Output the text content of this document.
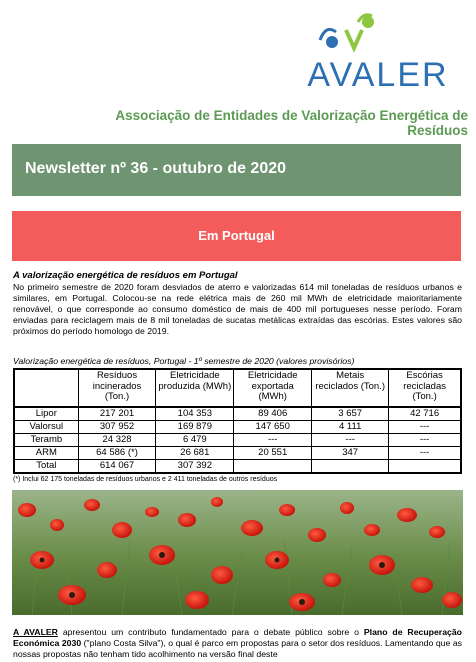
AVALER
Associação de Entidades de Valorização Energética de Resíduos
Newsletter nº 36 - outubro de 2020
Em Portugal
A valorização energética de resíduos em Portugal
No primeiro semestre de 2020 foram desviados de aterro e valorizadas 614 mil toneladas de resíduos urbanos e similares, em Portugal. Colocou-se na rede elétrica mais de 260 mil MWh de eletricidade maioritariamente renovável, o que corresponde ao consumo doméstico de mais de 400 mil portugueses nesse período. Foram enviadas para reciclagem mais de 8 mil toneladas de sucatas metálicas extraídas das escórias. Estes valores são próximos do período homologo de 2019.
Valorização energética de resíduos, Portugal - 1º semestre de 2020 (valores provisórios)
	Resíduos incinerados (Ton.)	Eletricidade produzida (MWh)	Eletricidade exportada (MWh)	Metais reciclados (Ton.)	Escórias recicladas (Ton.)
Lipor	217 201	104 353	89 406	3 657	42 716
Valorsul	307 952	169 879	147 650	4 111	---
Teramb	24 328	6 479	---	---	---
ARM	64 586 (*)	26 681	20 551	347	---
Total	614 067	307 392			
(*) Inclui 62 175 toneladas de resíduos urbanos e 2 411 toneladas de outros resíduos
A AVALER apresentou um contributo fundamentado para o debate público sobre o Plano de Recuperação Económica 2030 ("plano Costa Silva"), o qual é parco em propostas para o setor dos resíduos. Lamentando que as nossas propostas não tenham tido acolhimento na versão final deste
